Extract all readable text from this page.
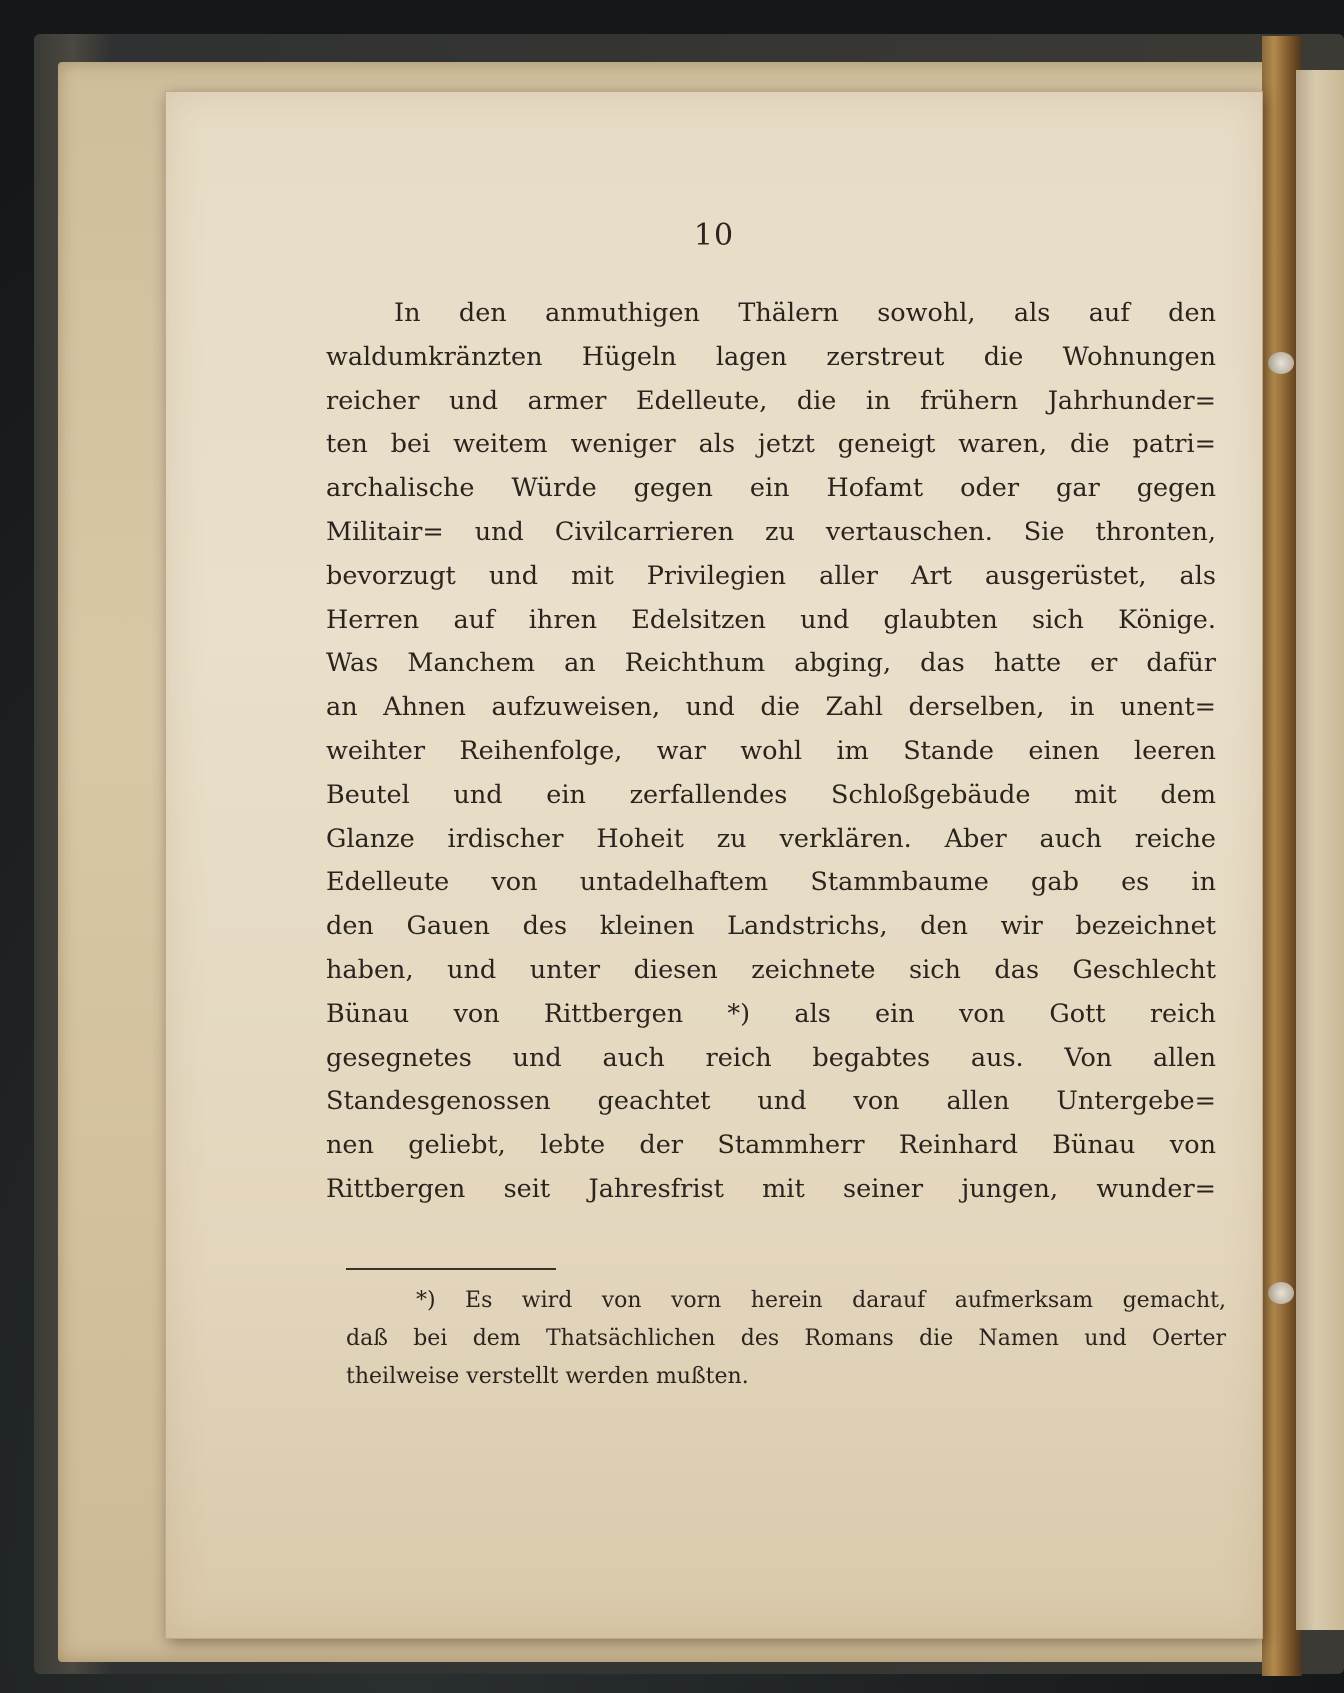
10
In den anmuthigen Thälern sowohl, als auf den
waldumkränzten Hügeln lagen zerstreut die Wohnungen
reicher und armer Edelleute, die in frühern Jahrhunder=
ten bei weitem weniger als jetzt geneigt waren, die patri=
archalische Würde gegen ein Hofamt oder gar gegen
Militair= und Civilcarrieren zu vertauschen. Sie thronten,
bevorzugt und mit Privilegien aller Art ausgerüstet, als
Herren auf ihren Edelsitzen und glaubten sich Könige.
Was Manchem an Reichthum abging, das hatte er dafür
an Ahnen aufzuweisen, und die Zahl derselben, in unent=
weihter Reihenfolge, war wohl im Stande einen leeren
Beutel und ein zerfallendes Schloßgebäude mit dem
Glanze irdischer Hoheit zu verklären. Aber auch reiche
Edelleute von untadelhaftem Stammbaume gab es in
den Gauen des kleinen Landstrichs, den wir bezeichnet
haben, und unter diesen zeichnete sich das Geschlecht
Bünau von Rittbergen *) als ein von Gott reich
gesegnetes und auch reich begabtes aus. Von allen
Standesgenossen geachtet und von allen Untergebe=
nen geliebt, lebte der Stammherr Reinhard Bünau von
Rittbergen seit Jahresfrist mit seiner jungen, wunder=
*) Es wird von vorn herein darauf aufmerksam gemacht,
daß bei dem Thatsächlichen des Romans die Namen und Oerter
theilweise verstellt werden mußten.
